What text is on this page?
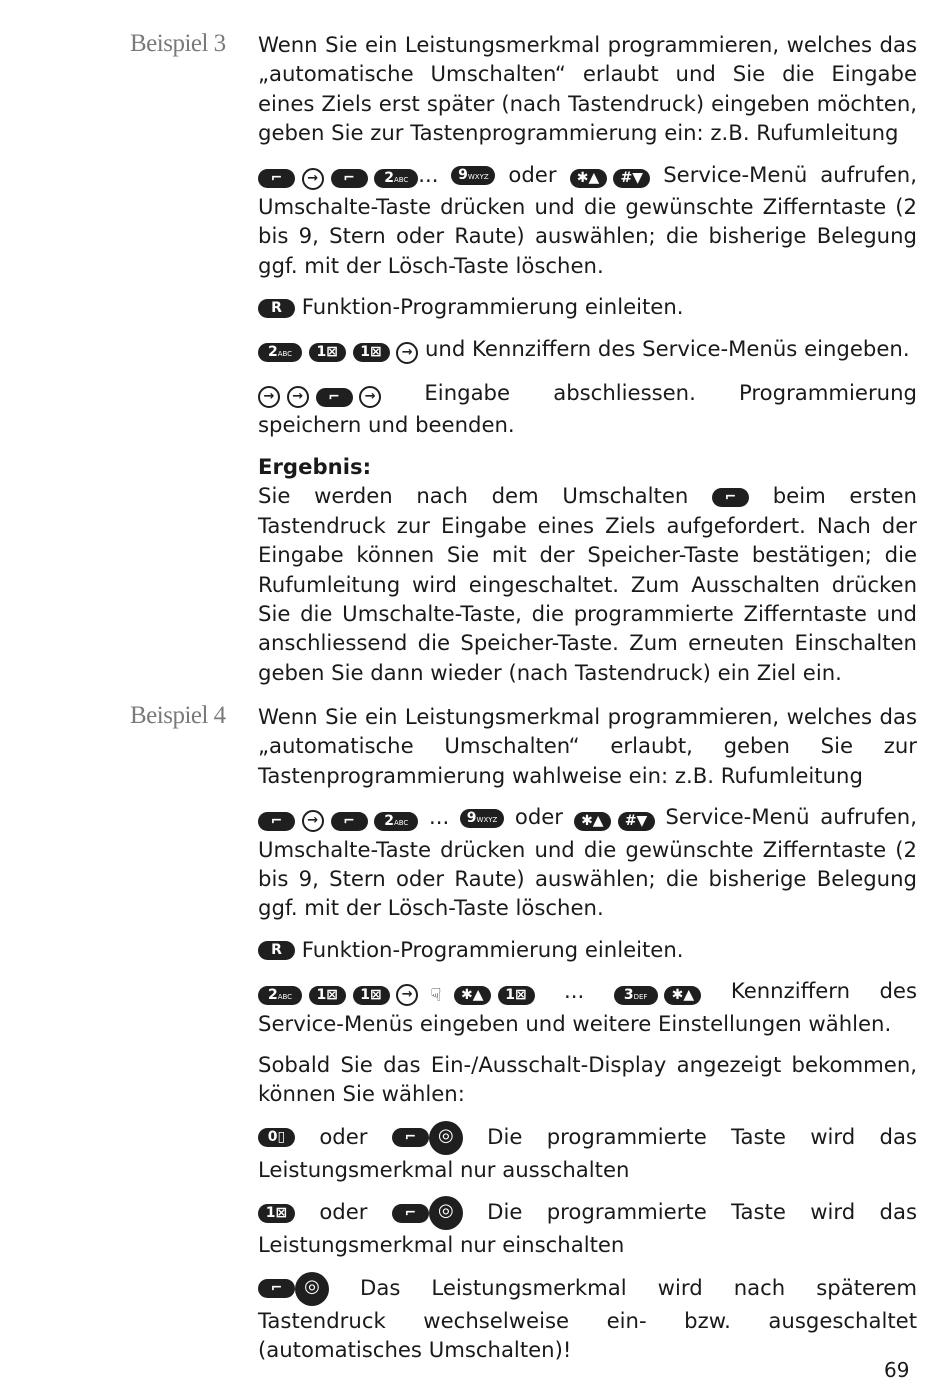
Beispiel 3	Wenn Sie ein Leistungsmerkmal programmieren, welches das „automatische Umschalten“ erlaubt und Sie die Eingabe eines Ziels erst später (nach Tastendruck) eingeben möchten, geben Sie zur Tastenprogrammierung ein: z.B. Rufumleitung

⌐ → ⌐ 2ABC ... 9WXYZ oder ✱▲ #▼ Service-Menü aufrufen, Umschalte-Taste drücken und die gewünschte Zifferntaste (2 bis 9, Stern oder Raute) auswählen; die bisherige Belegung ggf. mit der Lösch-Taste löschen.

R Funktion-Programmierung einleiten.

2ABC 1⊠ 1⊠ → und Kennziffern des Service-Menüs eingeben.

→ → ⌐ → Eingabe abschliessen. Programmierung speichern und beenden.

Ergebnis:
Sie werden nach dem Umschalten	⌐ beim ersten Tastendruck zur Eingabe eines Ziels aufgefordert. Nach der Eingabe können Sie mit der Speicher-Taste bestätigen; die Rufumleitung wird eingeschaltet. Zum Ausschalten drücken Sie die Umschalte-Taste, die programmierte Zifferntaste und anschliessend die Speicher-Taste. Zum erneuten Einschalten geben Sie dann wieder (nach Tastendruck) ein Ziel ein.

Beispiel 4	Wenn Sie ein Leistungsmerkmal programmieren, welches das „automatische Umschalten“ erlaubt, geben Sie zur Tastenprogrammierung wahlweise ein: z.B. Rufumleitung

⌐ → ⌐ 2ABC ... 9WXYZ oder ✱▲ #▼ Service-Menü aufrufen, Umschalte-Taste drücken und die gewünschte Zifferntaste (2 bis 9, Stern oder Raute) auswählen; die bisherige Belegung ggf. mit der Lösch-Taste löschen.

R Funktion-Programmierung einleiten.

2ABC 1⊠ 1⊠ → ☟ ✱▲ 1⊠ ...	3DEF ✱▲ Kennziffern des Service-Menüs eingeben und weitere Einstellungen wählen.

Sobald Sie das Ein-/Ausschalt-Display angezeigt bekommen, können Sie wählen:

0▯ oder	⌐ ◎ Die programmierte Taste wird das Leistungsmerkmal nur ausschalten

1⊠ oder	⌐ ◎ Die programmierte Taste wird das Leistungsmerkmal nur einschalten

⌐ ◎ Das Leistungsmerkmal wird nach späterem Tastendruck wechselweise ein- bzw. ausgeschaltet (automatisches Umschalten)!

69
